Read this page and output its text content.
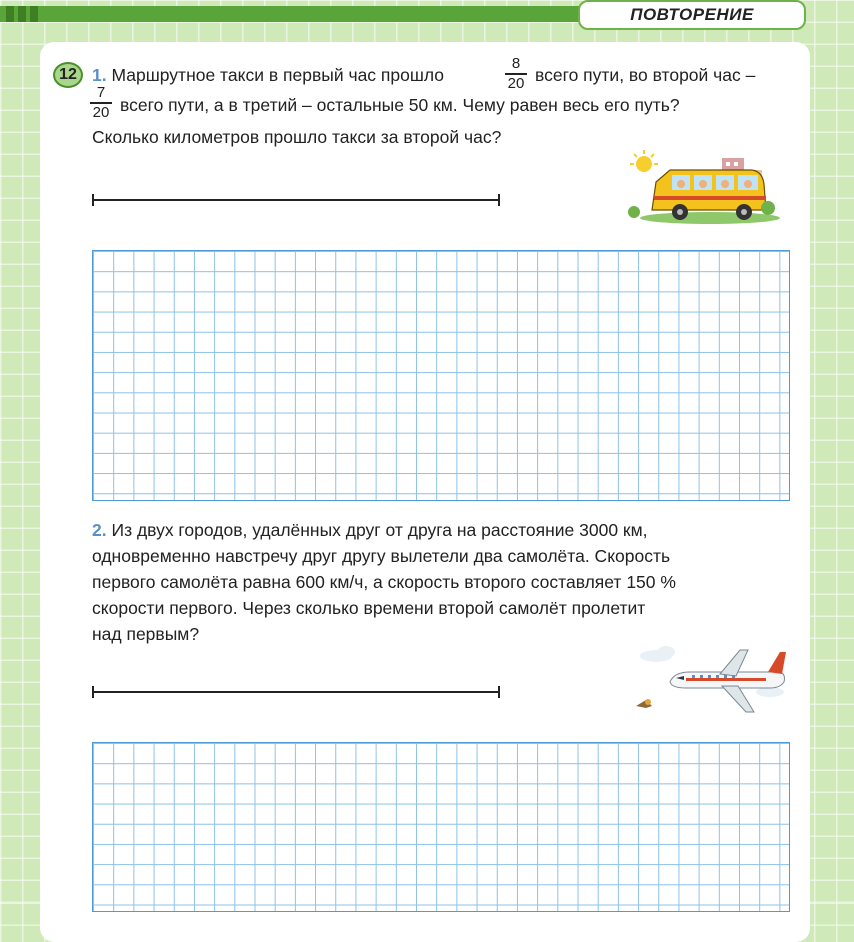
ПОВТОРЕНИЕ
12 1. Маршрутное такси в первый час прошло
8
20 всего пути, во второй час –
7
20 всего пути, а в третий – остальные 50 км. Чему равен весь его путь?
Сколько километров прошло такси за второй час?
2. Из двух городов, удалённых друг от друга на расстояние 3000 км,
одновременно навстречу друг другу вылетели два самолёта. Скорость
первого самолёта равна 600 км/ч, а скорость второго составляет 150 %
скорости первого. Через сколько времени второй самолёт пролетит
над первым?
